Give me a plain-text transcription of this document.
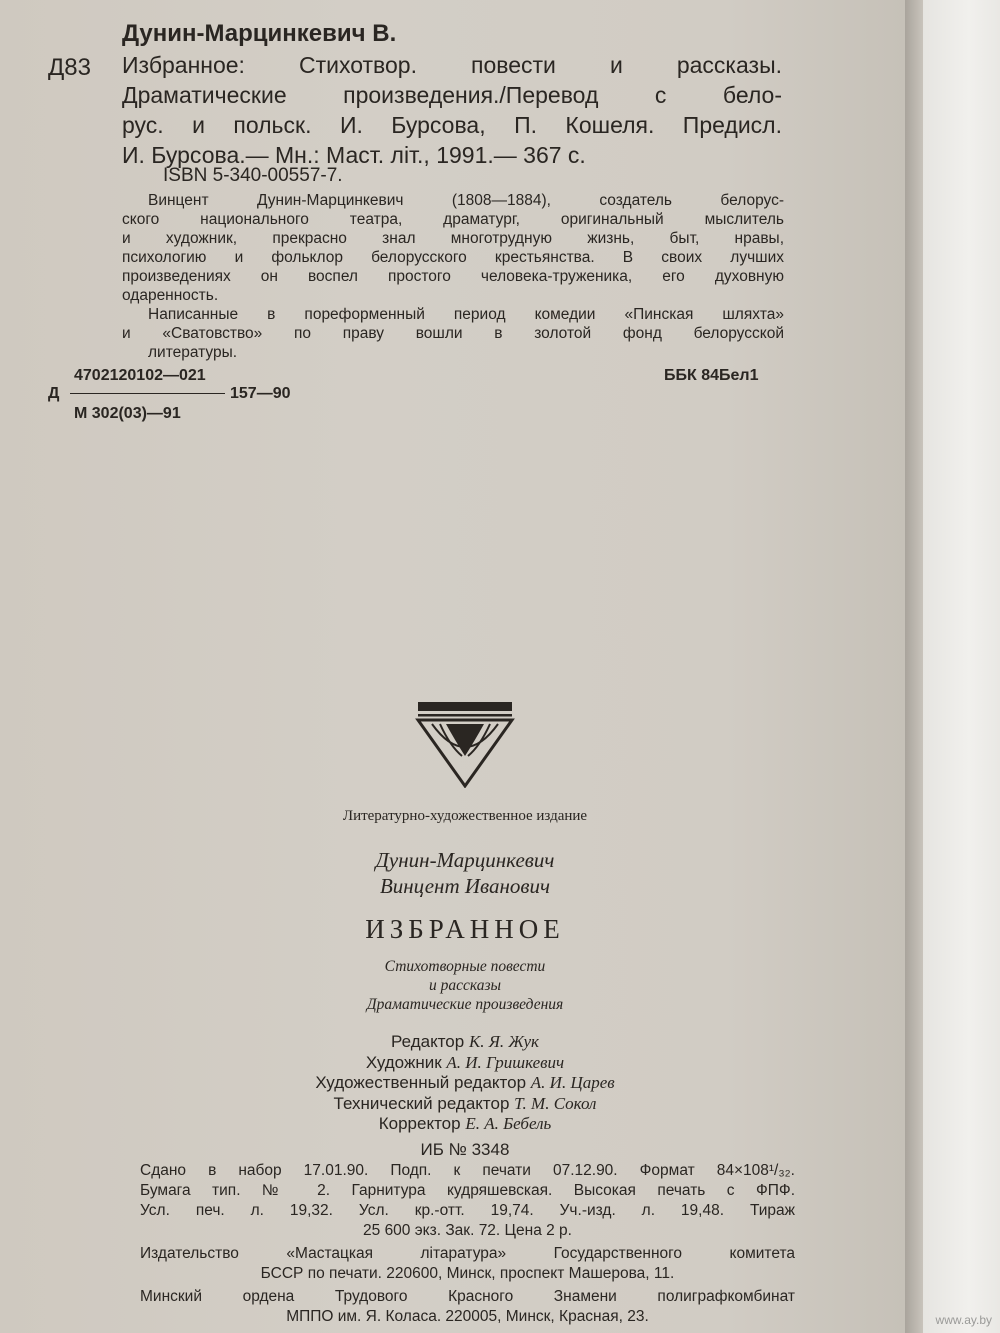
Дунин-Марцинкевич В.
Д83 Избранное: Стихотвор. повести и рассказы.
Драматические произведения./Перевод с бело-
рус. и польск. И. Бурсова, П. Кошеля. Предисл.
И. Бурсова.— Мн.: Маст. літ., 1991.— 367 с.
ISBN 5-340-00557-7.
Винцент Дунин-Марцинкевич (1808—1884), создатель белорус-
ского национального театра, драматург, оригинальный мыслитель
и художник, прекрасно знал многотрудную жизнь, быт, нравы,
психологию и фольклор белорусского крестьянства. В своих лучших
произведениях он воспел простого человека-труженика, его духовную
одаренность.
Написанные в пореформенный период комедии «Пинская шляхта»
и «Сватовство» по праву вошли в золотой фонд белорусской
литературы.
4702120102—021
Д	157—90
М 302(03)—91
ББК 84Бел1
Литературно-художественное издание
Дунин-Марцинкевич
Винцент Иванович
ИЗБРАННОЕ
Стихотворные повести
и рассказы
Драматические произведения
Редактор К. Я. Жук
Художник А. И. Гришкевич
Художественный редактор А. И. Царев
Технический редактор Т. М. Сокол
Корректор Е. А. Бебель
ИБ № 3348
Сдано в набор 17.01.90. Подп. к печати 07.12.90. Формат 84×108¹/₃₂.
Бумага тип. № 2. Гарнитура кудряшевская. Высокая печать с ФПФ.
Усл. печ. л. 19,32. Усл. кр.-отт. 19,74. Уч.-изд. л. 19,48. Тираж
25 600 экз. Зак. 72. Цена 2 р.
Издательство «Мастацкая літаратура» Государственного комитета
БССР по печати. 220600, Минск, проспект Машерова, 11.
Минский ордена Трудового Красного Знамени полиграфкомбинат
МППО им. Я. Коласа. 220005, Минск, Красная, 23.	www.ay.by
